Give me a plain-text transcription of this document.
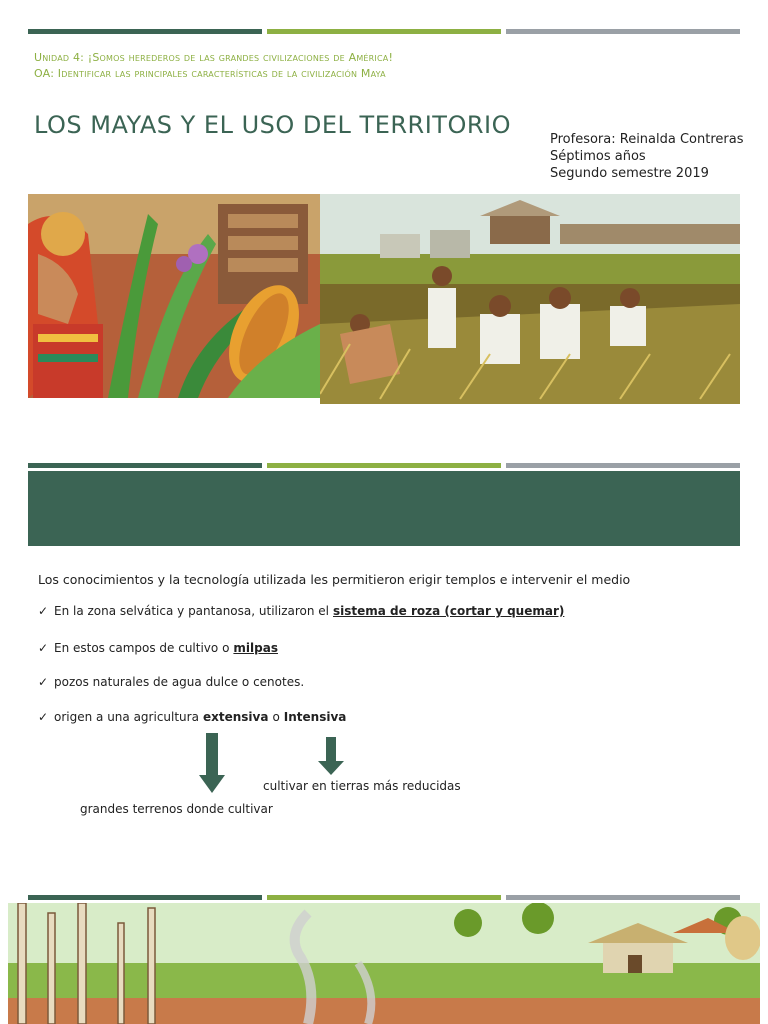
Unidad 4: ¡Somos herederos de las grandes civilizaciones de América!
OA: Identificar las principales características de la civilización Maya
LOS MAYAS Y EL USO DEL TERRITORIO
Profesora: Reinalda Contreras
Séptimos años
Segundo semestre 2019
Los conocimientos y la tecnología utilizada les permitieron erigir templos e intervenir el medio
✓ En la zona selvática y pantanosa, utilizaron el sistema de roza (cortar y quemar)
✓ En estos campos de cultivo o milpas
✓ pozos naturales de agua dulce o cenotes.
✓ origen a una agricultura extensiva o Intensiva
cultivar en tierras más reducidas
grandes terrenos donde cultivar
